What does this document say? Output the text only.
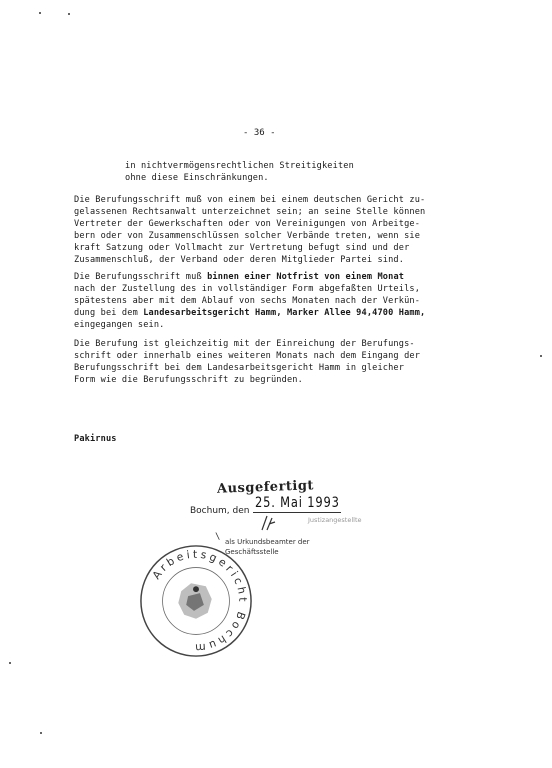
- 36 -
in nichtvermögensrechtlichen Streitigkeiten
ohne diese Einschränkungen.
Die Berufungsschrift muß von einem bei einem deutschen Gericht zu-
gelassenen Rechtsanwalt unterzeichnet sein; an seine Stelle können
Vertreter der Gewerkschaften oder von Vereinigungen von Arbeitge-
bern oder von Zusammenschlüssen solcher Verbände treten, wenn sie
kraft Satzung oder Vollmacht zur Vertretung befugt sind und der
Zusammenschluß, der Verband oder deren Mitglieder Partei sind.
Die Berufungsschrift muß binnen einer Notfrist von einem Monat
nach der Zustellung des in vollständiger Form abgefaßten Urteils,
spätestens aber mit dem Ablauf von sechs Monaten nach der Verkün-
dung bei dem Landesarbeitsgericht Hamm, Marker Allee 94,4700 Hamm,
eingegangen sein.
Die Berufung ist gleichzeitig mit der Einreichung der Berufungs-
schrift oder innerhalb eines weiteren Monats nach dem Eingang der
Berufungsschrift bei dem Landesarbeitsgericht Hamm in gleicher
Form wie die Berufungsschrift zu begründen.
Pakirnus
Ausgefertigt
Bochum, den 25. Mai 1993
Justizangestellte
\ als Urkundsbeamter der
Geschäftsstelle
Arbeitsgericht Bochum
